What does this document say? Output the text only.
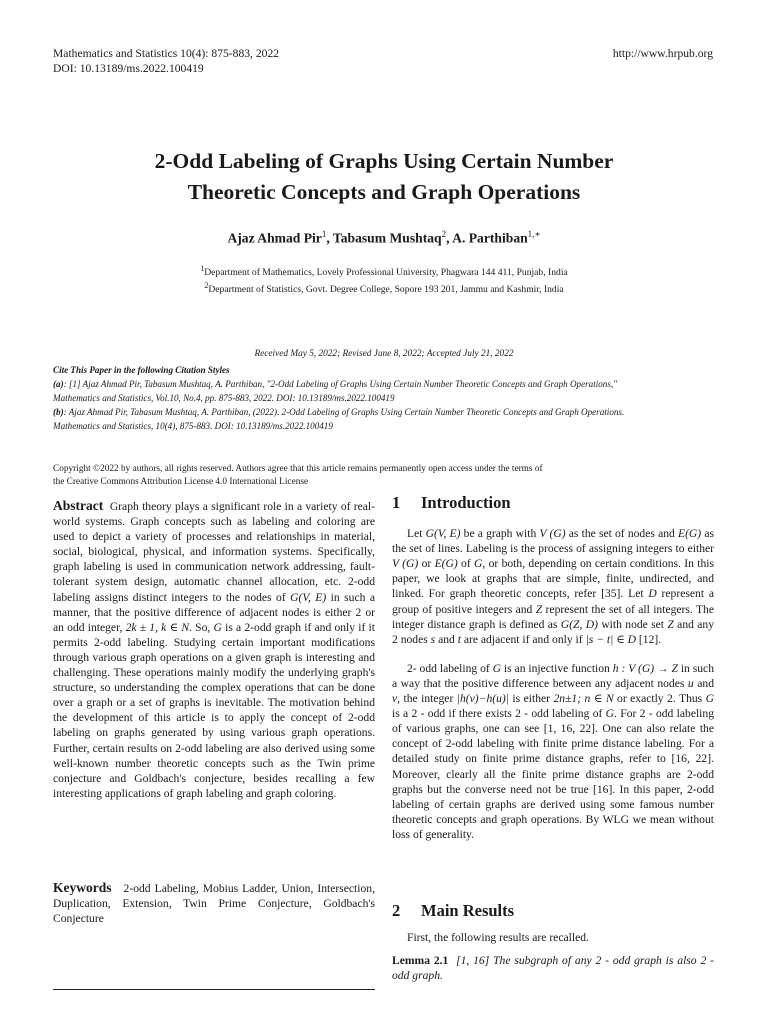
Mathematics and Statistics 10(4): 875-883, 2022
DOI: 10.13189/ms.2022.100419
http://www.hrpub.org
2-Odd Labeling of Graphs Using Certain Number
Theoretic Concepts and Graph Operations
Ajaz Ahmad Pir$^1$, Tabasum Mushtaq$^2$, A. Parthiban$^{1,∗}$
$^1$Department of Mathematics, Lovely Professional University, Phagwara 144 411, Punjab, India
$^2$Department of Statistics, Govt. Degree College, Sopore 193 201, Jammu and Kashmir, India
Received May 5, 2022; Revised June 8, 2022; Accepted July 21, 2022
Cite This Paper in the following Citation Styles
(a): [1] Ajaz Ahmad Pir, Tabasum Mushtaq, A. Parthiban, "2-Odd Labeling of Graphs Using Certain Number Theoretic Concepts and Graph Operations,"
Mathematics and Statistics, Vol.10, No.4, pp. 875-883, 2022. DOI: 10.13189/ms.2022.100419
(b): Ajaz Ahmad Pir, Tabasum Mushtaq, A. Parthiban, (2022). 2-Odd Labeling of Graphs Using Certain Number Theoretic Concepts and Graph Operations.
Mathematics and Statistics, 10(4), 875-883. DOI: 10.13189/ms.2022.100419
Copyright ©2022 by authors, all rights reserved. Authors agree that this article remains permanently open access under the terms of
the Creative Commons Attribution License 4.0 International License

Abstract Graph theory plays a significant role in a variety of real-world systems. Graph concepts such as labeling and coloring are used to depict a variety of processes and relationships in material, social, biological, physical, and information systems. Specifically, graph labeling is used in communication network addressing, fault-tolerant system design, automatic channel allocation, etc. 2-odd labeling assigns distinct integers to the nodes of G(V, E) in such a manner, that the positive difference of adjacent nodes is either 2 or an odd integer, 2k ± 1, k ∈ N. So, G is a 2-odd graph if and only if it permits 2-odd labeling. Studying certain important modifications through various graph operations on a given graph is interesting and challenging. These operations mainly modify the underlying graph's structure, so understanding the complex operations that can be done over a graph or a set of graphs is inevitable. The motivation behind the development of this article is to apply the concept of 2-odd labeling on graphs generated by using various graph operations. Further, certain results on 2-odd labeling are also derived using some well-known number theoretic concepts such as the Twin prime conjecture and Goldbach's conjecture, besides recalling a few interesting applications of graph labeling and graph coloring.

Keywords 2-odd Labeling, Mobius Ladder, Union, Intersection, Duplication, Extension, Twin Prime Conjecture, Goldbach's Conjecture

1 Introduction

Let G(V, E) be a graph with V (G) as the set of nodes and E(G) as the set of lines. Labeling is the process of assigning integers to either V (G) or E(G) of G, or both, depending on certain conditions. In this paper, we look at graphs that are simple, finite, undirected, and linked. For graph theoretic concepts, refer [35]. Let D represent a group of positive integers and Z represent the set of all integers. The integer distance graph is defined as G(Z, D) with node set Z and any 2 nodes s and t are adjacent if and only if |s − t| ∈ D [12].

2- odd labeling of G is an injective function h : V (G) → Z in such a way that the positive difference between any adjacent nodes u and v, the integer |h(v)−h(u)| is either 2n±1; n ∈ N or exactly 2. Thus G is a 2 - odd if there exists 2 - odd labeling of G. For 2 - odd labeling of various graphs, one can see [1, 16, 22]. One can also relate the concept of 2-odd labeling with finite prime distance labeling. For a detailed study on finite prime distance graphs, refer to [16, 22]. Moreover, clearly all the finite prime distance graphs are 2-odd graphs but the converse need not be true [16]. In this paper, 2-odd labeling of certain graphs are derived using some famous number theoretic concepts and graph operations. By WLG we mean without loss of generality.

2 Main Results

First, the following results are recalled.

Lemma 2.1 [1, 16] The subgraph of any 2 - odd graph is also 2 - odd graph.
